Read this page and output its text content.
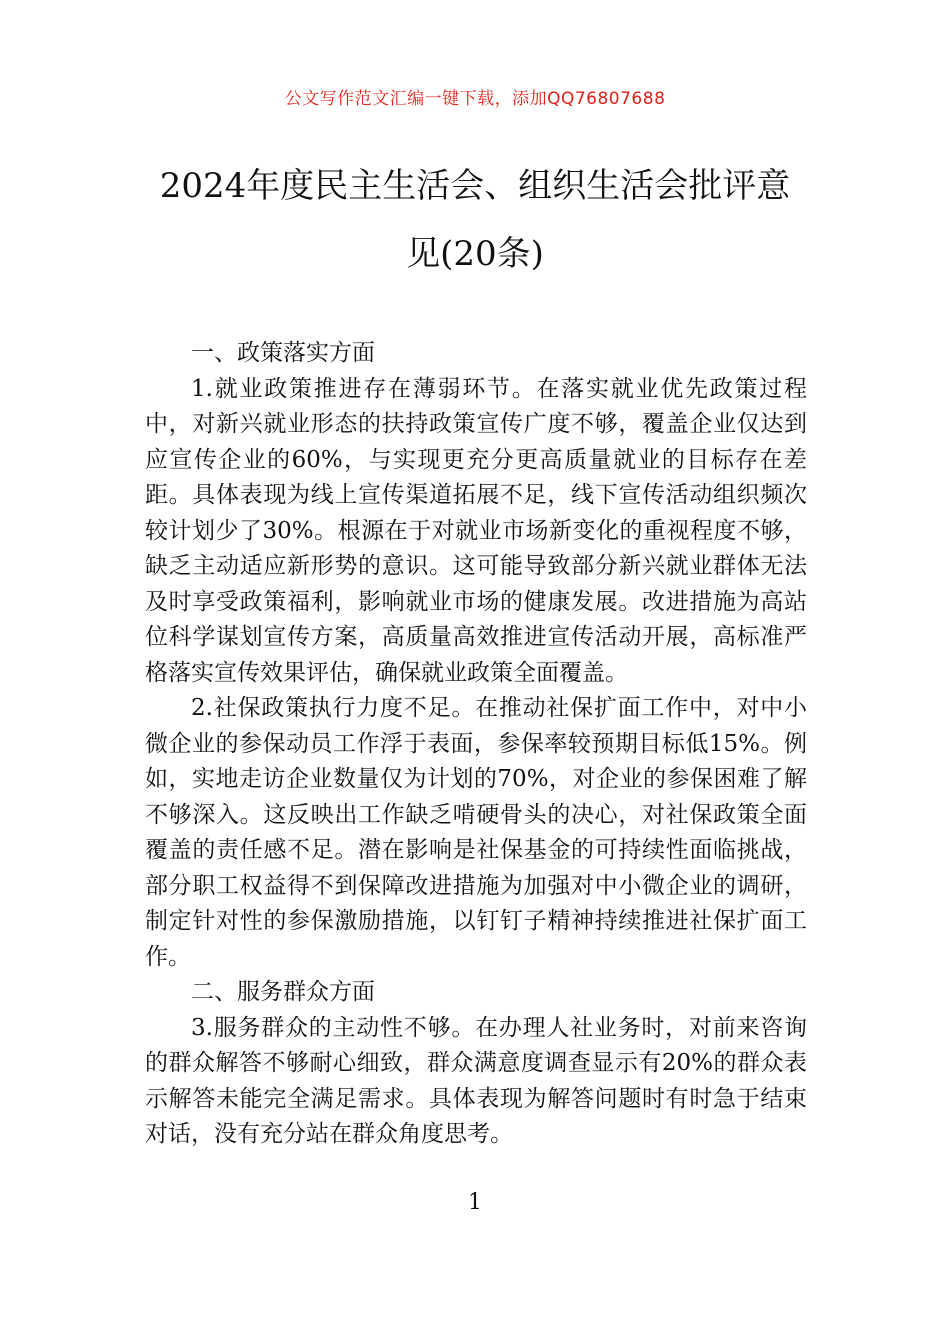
公文写作范文汇编一键下载，添加QQ76807688
2024年度民主生活会、组织生活会批评意
见(20条)

一、政策落实方面

1.就业政策推进存在薄弱环节。在落实就业优先政策过程中，对新兴就业形态的扶持政策宣传广度不够，覆盖企业仅达到应宣传企业的60%，与实现更充分更高质量就业的目标存在差距。具体表现为线上宣传渠道拓展不足，线下宣传活动组织频次较计划少了30%。根源在于对就业市场新变化的重视程度不够，缺乏主动适应新形势的意识。这可能导致部分新兴就业群体无法及时享受政策福利，影响就业市场的健康发展。改进措施为高站位科学谋划宣传方案，高质量高效推进宣传活动开展，高标准严格落实宣传效果评估，确保就业政策全面覆盖。

2.社保政策执行力度不足。在推动社保扩面工作中，对中小微企业的参保动员工作浮于表面，参保率较预期目标低15%。例如，实地走访企业数量仅为计划的70%，对企业的参保困难了解不够深入。这反映出工作缺乏啃硬骨头的决心，对社保政策全面覆盖的责任感不足。潜在影响是社保基金的可持续性面临挑战，部分职工权益得不到保障改进措施为加强对中小微企业的调研，制定针对性的参保激励措施，以钉钉子精神持续推进社保扩面工作。

二、服务群众方面

3.服务群众的主动性不够。在办理人社业务时，对前来咨询的群众解答不够耐心细致，群众满意度调查显示有20%的群众表示解答未能完全满足需求。具体表现为解答问题时有时急于结束对话，没有充分站在群众角度思考。

1
